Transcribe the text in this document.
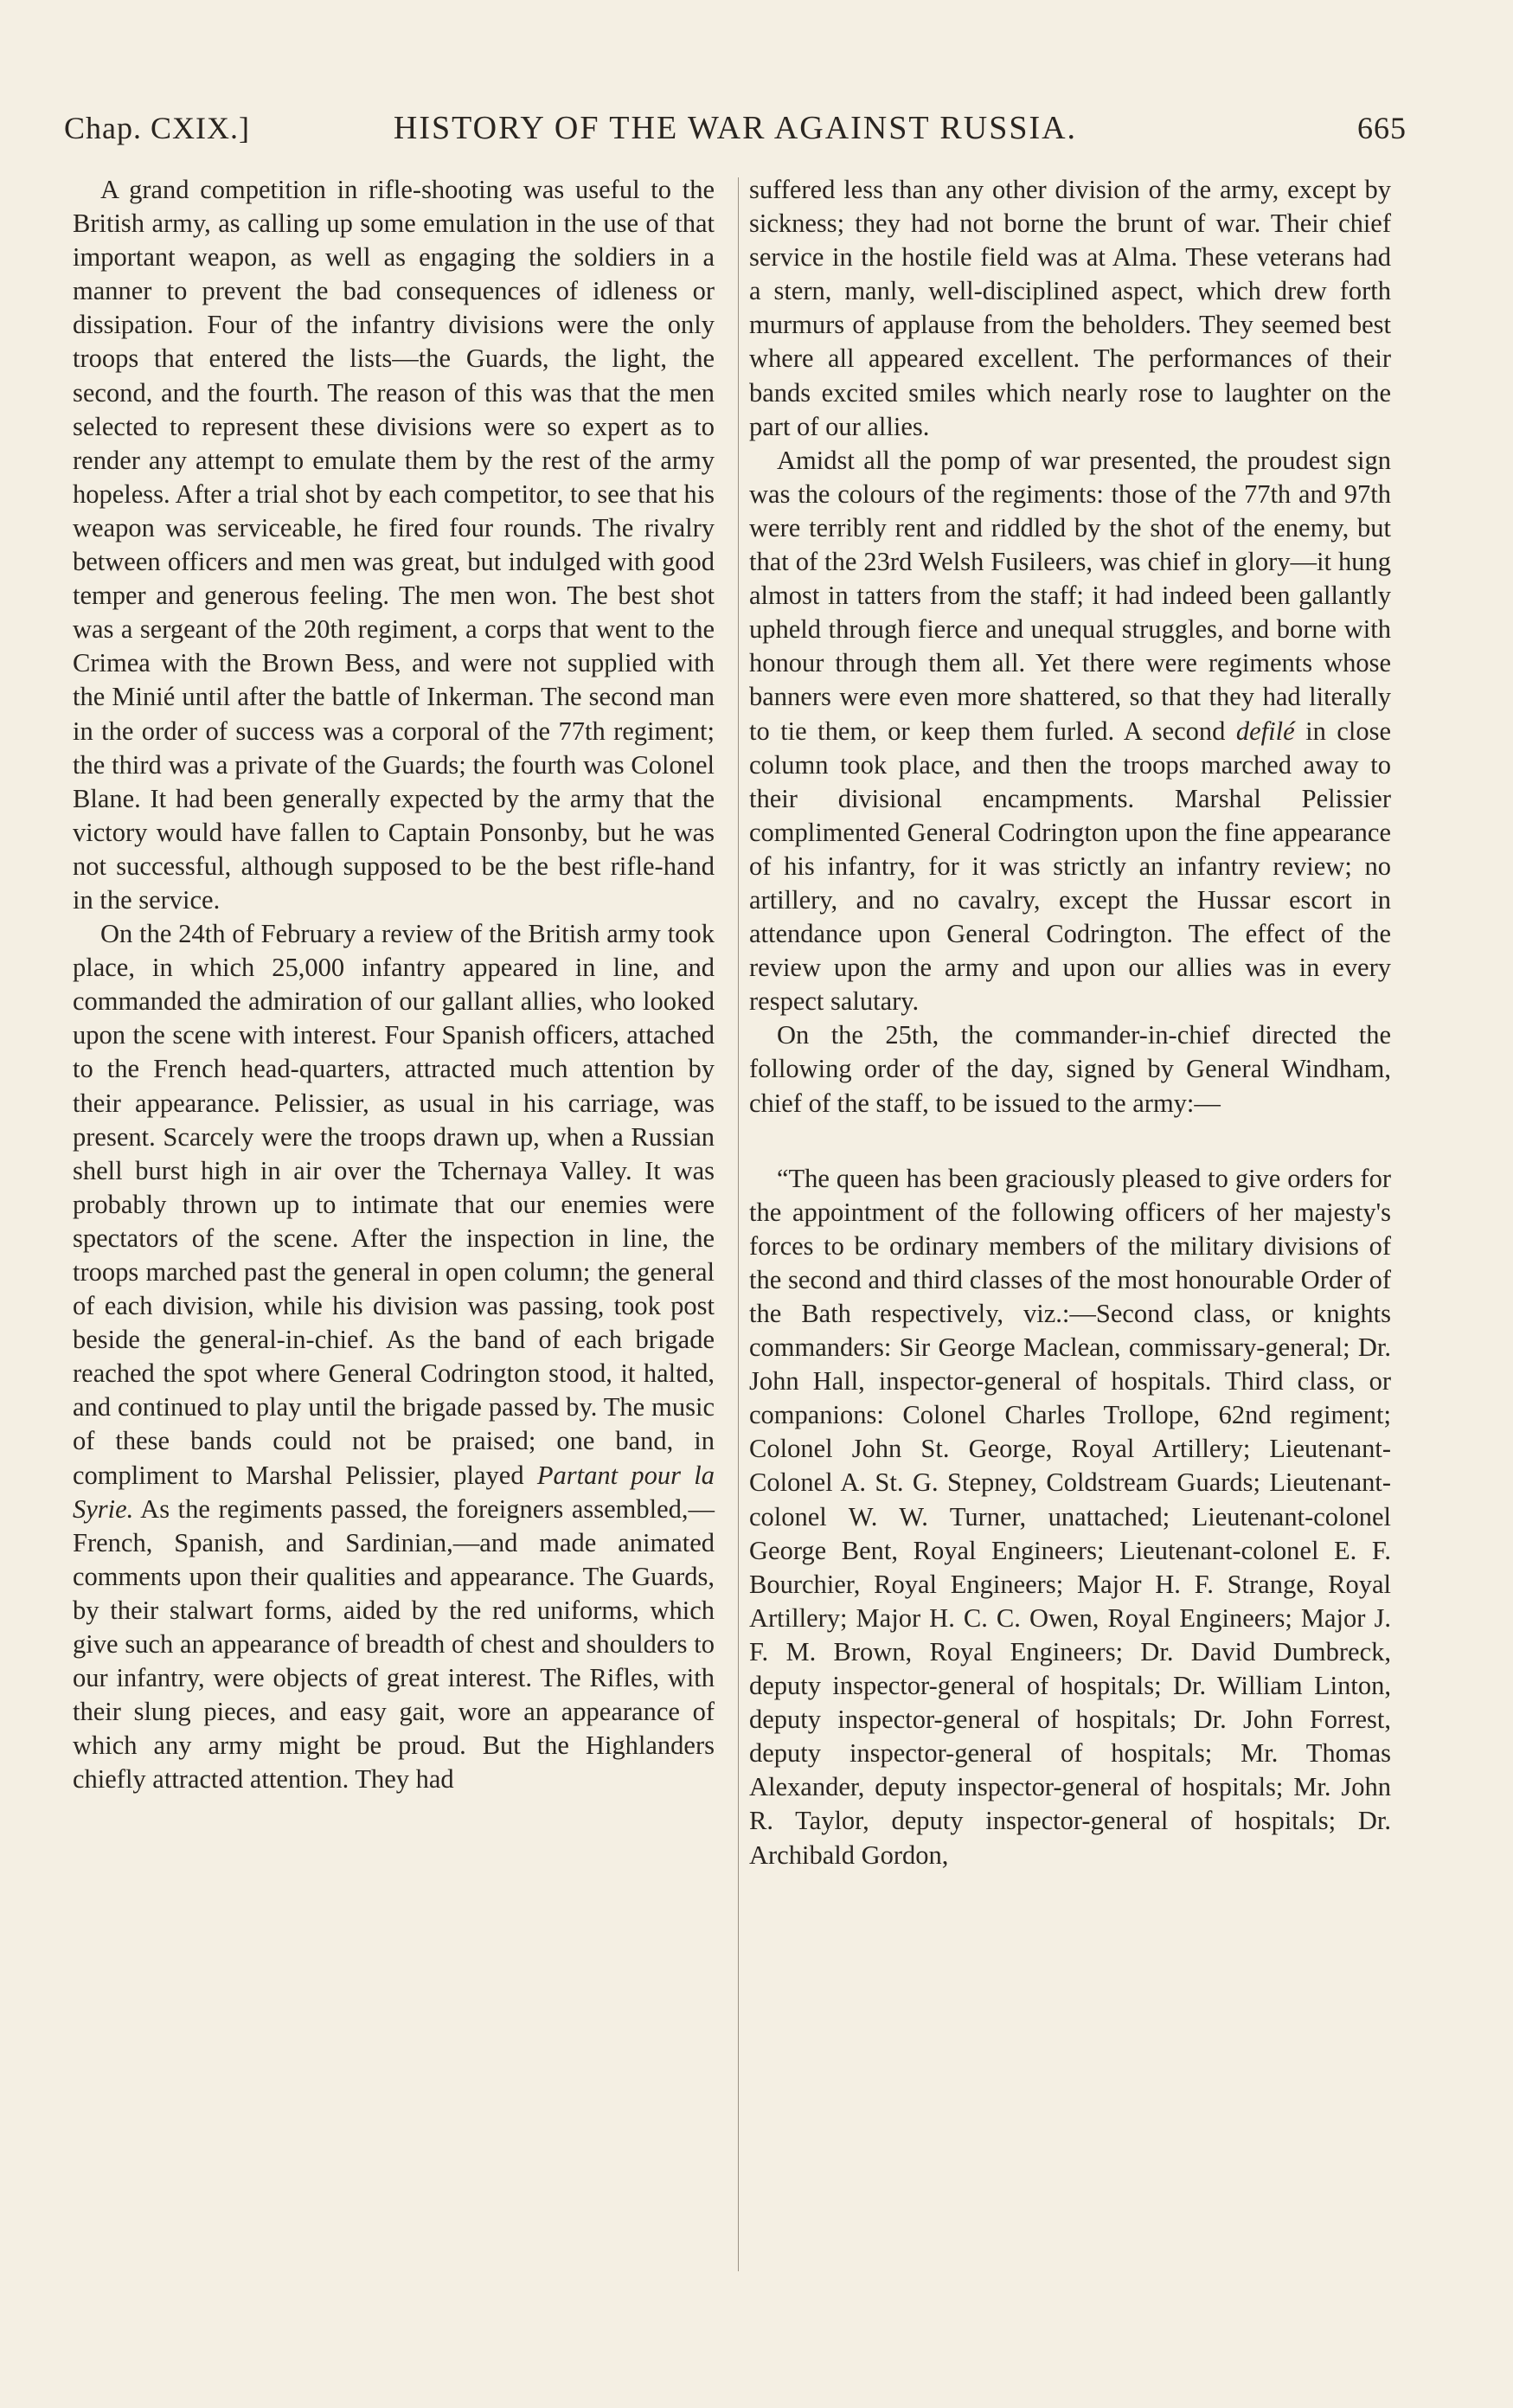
Chap. CXIX.]	HISTORY OF THE WAR AGAINST RUSSIA.	665

A grand competition in rifle-shooting was useful to the British army, as calling up some emulation in the use of that important weapon, as well as engaging the soldiers in a manner to prevent the bad consequences of idleness or dissipation. Four of the infantry divisions were the only troops that entered the lists—the Guards, the light, the second, and the fourth. The reason of this was that the men selected to represent these divisions were so expert as to render any attempt to emulate them by the rest of the army hopeless. After a trial shot by each competitor, to see that his weapon was serviceable, he fired four rounds. The rivalry between officers and men was great, but indulged with good temper and generous feeling. The men won. The best shot was a sergeant of the 20th regiment, a corps that went to the Crimea with the Brown Bess, and were not supplied with the Minié until after the battle of Inkerman. The second man in the order of success was a corporal of the 77th regiment; the third was a private of the Guards; the fourth was Colonel Blane. It had been generally expected by the army that the victory would have fallen to Captain Ponsonby, but he was not successful, although supposed to be the best rifle-hand in the service.

On the 24th of February a review of the British army took place, in which 25,000 infantry appeared in line, and commanded the admiration of our gallant allies, who looked upon the scene with interest. Four Spanish officers, attached to the French head-quarters, attracted much attention by their appearance. Pelissier, as usual in his carriage, was present. Scarcely were the troops drawn up, when a Russian shell burst high in air over the Tchernaya Valley. It was probably thrown up to intimate that our enemies were spectators of the scene. After the inspection in line, the troops marched past the general in open column; the general of each division, while his division was passing, took post beside the general-in-chief. As the band of each brigade reached the spot where General Codrington stood, it halted, and continued to play until the brigade passed by. The music of these bands could not be praised; one band, in compliment to Marshal Pelissier, played Partant pour la Syrie. As the regiments passed, the foreigners assembled,—French, Spanish, and Sardinian,—and made animated comments upon their qualities and appearance. The Guards, by their stalwart forms, aided by the red uniforms, which give such an appearance of breadth of chest and shoulders to our infantry, were objects of great interest. The Rifles, with their slung pieces, and easy gait, wore an appearance of which any army might be proud. But the Highlanders chiefly attracted attention. They had

suffered less than any other division of the army, except by sickness; they had not borne the brunt of war. Their chief service in the hostile field was at Alma. These veterans had a stern, manly, well-disciplined aspect, which drew forth murmurs of applause from the beholders. They seemed best where all appeared excellent. The performances of their bands excited smiles which nearly rose to laughter on the part of our allies.

Amidst all the pomp of war presented, the proudest sign was the colours of the regiments: those of the 77th and 97th were terribly rent and riddled by the shot of the enemy, but that of the 23rd Welsh Fusileers, was chief in glory—it hung almost in tatters from the staff; it had indeed been gallantly upheld through fierce and unequal struggles, and borne with honour through them all. Yet there were regiments whose banners were even more shattered, so that they had literally to tie them, or keep them furled. A second defilé in close column took place, and then the troops marched away to their divisional encampments. Marshal Pelissier complimented General Codrington upon the fine appearance of his infantry, for it was strictly an infantry review; no artillery, and no cavalry, except the Hussar escort in attendance upon General Codrington. The effect of the review upon the army and upon our allies was in every respect salutary.

On the 25th, the commander-in-chief directed the following order of the day, signed by General Windham, chief of the staff, to be issued to the army:—

“The queen has been graciously pleased to give orders for the appointment of the following officers of her majesty's forces to be ordinary members of the military divisions of the second and third classes of the most honourable Order of the Bath respectively, viz.:—Second class, or knights commanders: Sir George Maclean, commissary-general; Dr. John Hall, inspector-general of hospitals. Third class, or companions: Colonel Charles Trollope, 62nd regiment; Colonel John St. George, Royal Artillery; Lieutenant-Colonel A. St. G. Stepney, Coldstream Guards; Lieutenant-colonel W. W. Turner, unattached; Lieutenant-colonel George Bent, Royal Engineers; Lieutenant-colonel E. F. Bourchier, Royal Engineers; Major H. F. Strange, Royal Artillery; Major H. C. C. Owen, Royal Engineers; Major J. F. M. Brown, Royal Engineers; Dr. David Dumbreck, deputy inspector-general of hospitals; Dr. William Linton, deputy inspector-general of hospitals; Dr. John Forrest, deputy inspector-general of hospitals; Mr. Thomas Alexander, deputy inspector-general of hospitals; Mr. John R. Taylor, deputy inspector-general of hospitals; Dr. Archibald Gordon,
